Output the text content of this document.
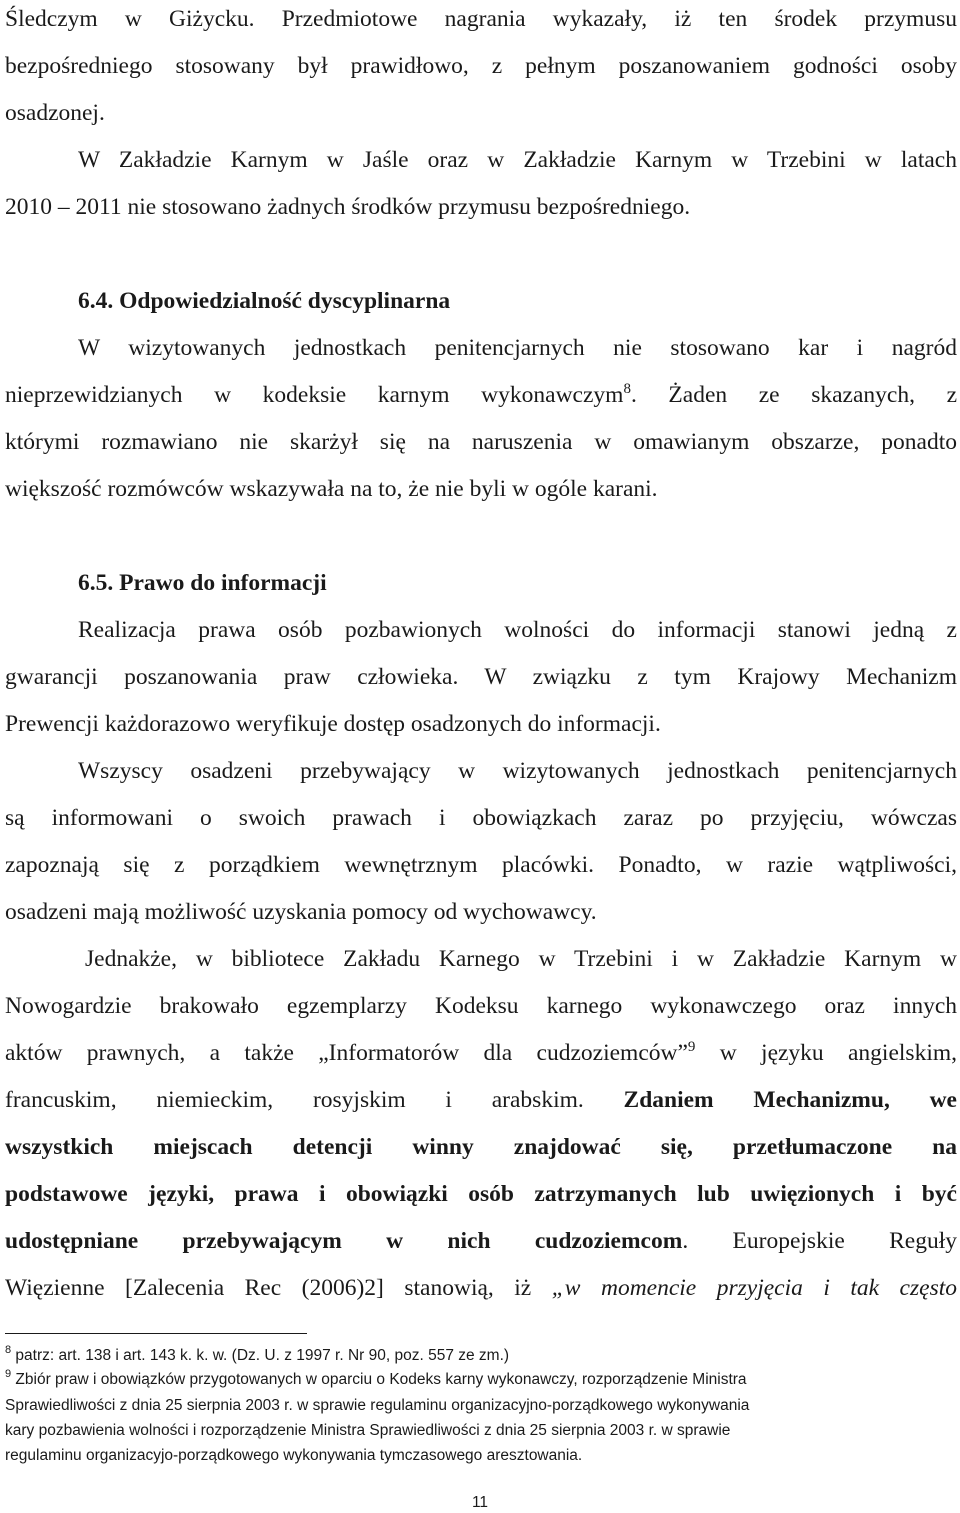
Śledczym w Giżycku. Przedmiotowe nagrania wykazały, iż ten środek przymusu
bezpośredniego stosowany był prawidłowo, z pełnym poszanowaniem godności osoby
osadzonej.
W Zakładzie Karnym w Jaśle oraz w Zakładzie Karnym w Trzebini w latach
2010 – 2011 nie stosowano żadnych środków przymusu bezpośredniego.
6.4. Odpowiedzialność dyscyplinarna
W wizytowanych jednostkach penitencjarnych nie stosowano kar i nagród
nieprzewidzianych w kodeksie karnym wykonawczym$^8$. Żaden ze skazanych, z
którymi rozmawiano nie skarżył się na naruszenia w omawianym obszarze, ponadto
większość rozmówców wskazywała na to, że nie byli w ogóle karani.
6.5. Prawo do informacji
Realizacja prawa osób pozbawionych wolności do informacji stanowi jedną z
gwarancji poszanowania praw człowieka. W związku z tym Krajowy Mechanizm
Prewencji każdorazowo weryfikuje dostęp osadzonych do informacji.
Wszyscy osadzeni przebywający w wizytowanych jednostkach penitencjarnych
są informowani o swoich prawach i obowiązkach zaraz po przyjęciu, wówczas
zapoznają się z porządkiem wewnętrznym placówki. Ponadto, w razie wątpliwości,
osadzeni mają możliwość uzyskania pomocy od wychowawcy.
Jednakże, w bibliotece Zakładu Karnego w Trzebini i w Zakładzie Karnym w
Nowogardzie brakowało egzemplarzy Kodeksu karnego wykonawczego oraz innych
aktów prawnych, a także „Informatorów dla cudzoziemców”$^9$ w języku angielskim,
francuskim, niemieckim, rosyjskim i arabskim. Zdaniem Mechanizmu, we
wszystkich miejscach detencji winny znajdować się, przetłumaczone na
podstawowe języki, prawa i obowiązki osób zatrzymanych lub uwięzionych i być
udostępniane przebywającym w nich cudzoziemcom. Europejskie Reguły
Więzienne [Zalecenia Rec (2006)2] stanowią, iż „w momencie przyjęcia i tak często
$^8$ patrz: art. 138 i art. 143 k. k. w. (Dz. U. z 1997 r. Nr 90, poz. 557 ze zm.)
$^9$ Zbiór praw i obowiązków przygotowanych w oparciu o Kodeks karny wykonawczy, rozporządzenie Ministra
Sprawiedliwości z dnia 25 sierpnia 2003 r. w sprawie regulaminu organizacyjno-porządkowego wykonywania
kary pozbawienia wolności i rozporządzenie Ministra Sprawiedliwości z dnia 25 sierpnia 2003 r. w sprawie
regulaminu organizacyjo-porządkowego wykonywania tymczasowego aresztowania.
11
